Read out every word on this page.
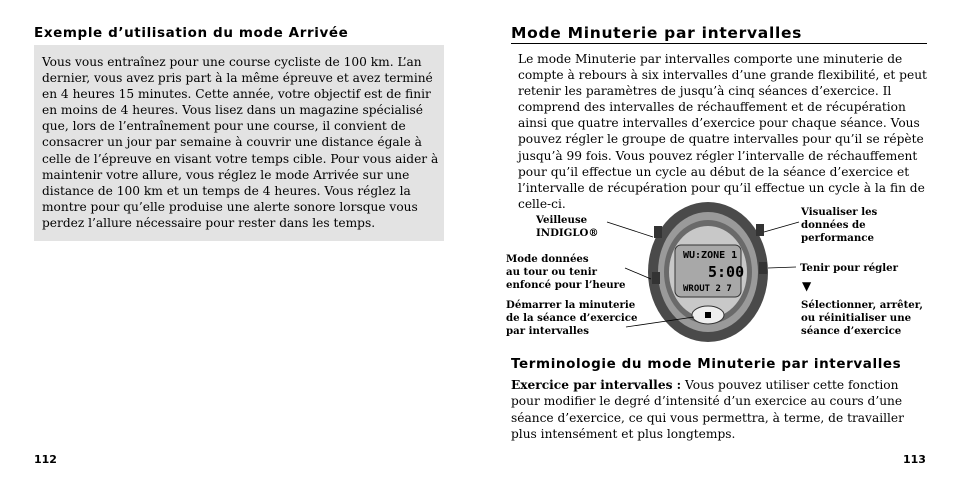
Exemple d’utilisation du mode Arrivée
Vous vous entraînez pour une course cycliste de 100 km. L’an dernier, vous avez pris part à la même épreuve et avez terminé en 4 heures 15 minutes. Cette année, votre objectif est de finir en moins de 4 heures. Vous lisez dans un magazine spécialisé que, lors de l’entraînement pour une course, il convient de consacrer un jour par semaine à couvrir une distance égale à celle de l’épreuve en visant votre temps cible. Pour vous aider à maintenir votre allure, vous réglez le mode Arrivée sur une distance de 100 km et un temps de 4 heures. Vous réglez la montre pour qu’elle produise une alerte sonore lorsque vous perdez l’allure nécessaire pour rester dans les temps.
112
Mode Minuterie par intervalles
Le mode Minuterie par intervalles comporte une minuterie de compte à rebours à six intervalles d’une grande flexibilité, et peut retenir les paramètres de jusqu’à cinq séances d’exercice. Il comprend des intervalles de réchauffement et de récupération ainsi que quatre intervalles d’exercice pour chaque séance. Vous pouvez régler le groupe de quatre intervalles pour qu’il se répète jusqu’à 99 fois. Vous pouvez régler l’intervalle de réchauffement pour qu’il effectue un cycle au début de la séance d’exercice et l’intervalle de récupération pour qu’il effectue un cycle à la fin de celle-ci.
WU:ZONE 1
5:00
WROUT 2 7
Veilleuse
INDIGLO®
Mode données
au tour ou tenir
enfoncé pour l’heure
Démarrer la minuterie
de la séance d’exercice
par intervalles
Visualiser les
données de
performance
Tenir pour régler
▼
Sélectionner, arrêter,
ou réinitialiser une
séance d’exercice
Terminologie du mode Minuterie par intervalles
Exercice par intervalles : Vous pouvez utiliser cette fonction pour modifier le degré d’intensité d’un exercice au cours d’une séance d’exercice, ce qui vous permettra, à terme, de travailler plus intensément et plus longtemps.
113
